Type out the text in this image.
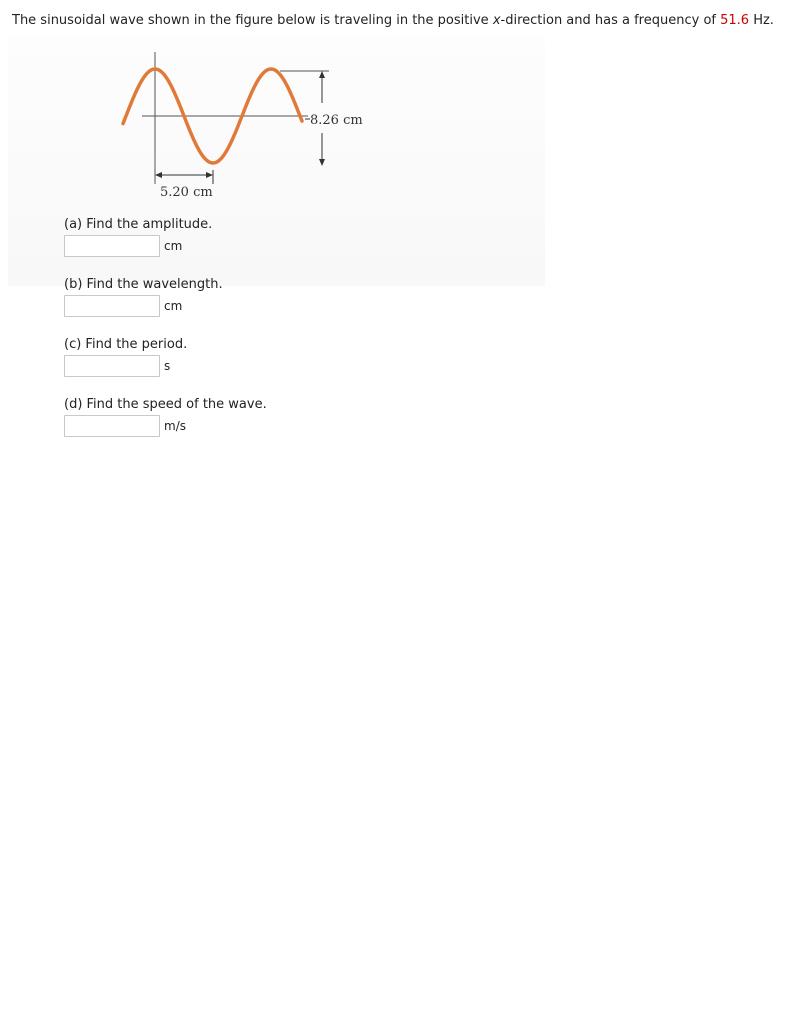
The sinusoidal wave shown in the figure below is traveling in the positive x-direction and has a frequency of 51.6 Hz.
8.26 cm
5.20 cm
(a) Find the amplitude.
cm
(b) Find the wavelength.
cm
(c) Find the period.
s
(d) Find the speed of the wave.
m/s
